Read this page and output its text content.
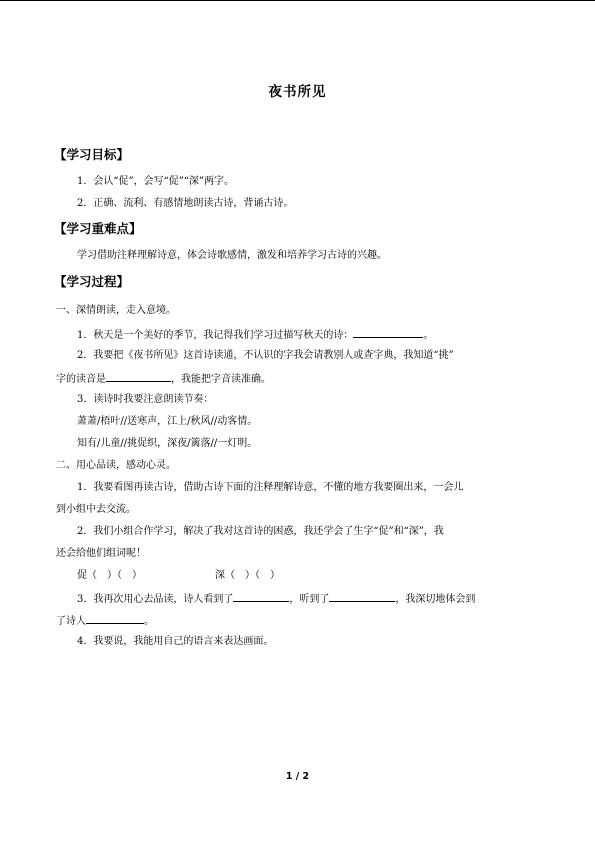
夜书所见
【学习目标】
1．会认“促”，会写“促”“深”两字。
2．正确、流利、有感情地朗读古诗，背诵古诗。
【学习重难点】
学习借助注释理解诗意，体会诗歌感情，激发和培养学习古诗的兴趣。
【学习过程】
一、深情朗读，走入意境。
1．秋天是一个美好的季节，我记得我们学习过描写秋天的诗：	。
2．我要把《夜书所见》这首诗读通，不认识的字我会请教别人或查字典，我知道“挑”
字的读音是	，我能把字音读准确。
3．读诗时我要注意朗读节奏：
萧萧/梧叶//送寒声，江上/秋风//动客情。
知有/儿童//挑促织，深夜/篱落//一灯明。
二、用心品读，感动心灵。
1．我要看图再读古诗，借助古诗下面的注释理解诗意，不懂的地方我要圈出来，一会儿
到小组中去交流。
2．我们小组合作学习，解决了我对这首诗的困惑，我还学会了生字“促”和“深”，我
还会给他们组词呢！
促（　）（　）	深（　）（　）
3．我再次用心去品读，诗人看到了	，听到了	，我深切地体会到
了诗人	。
4．我要说，我能用自己的语言来表达画面。
1 / 2
